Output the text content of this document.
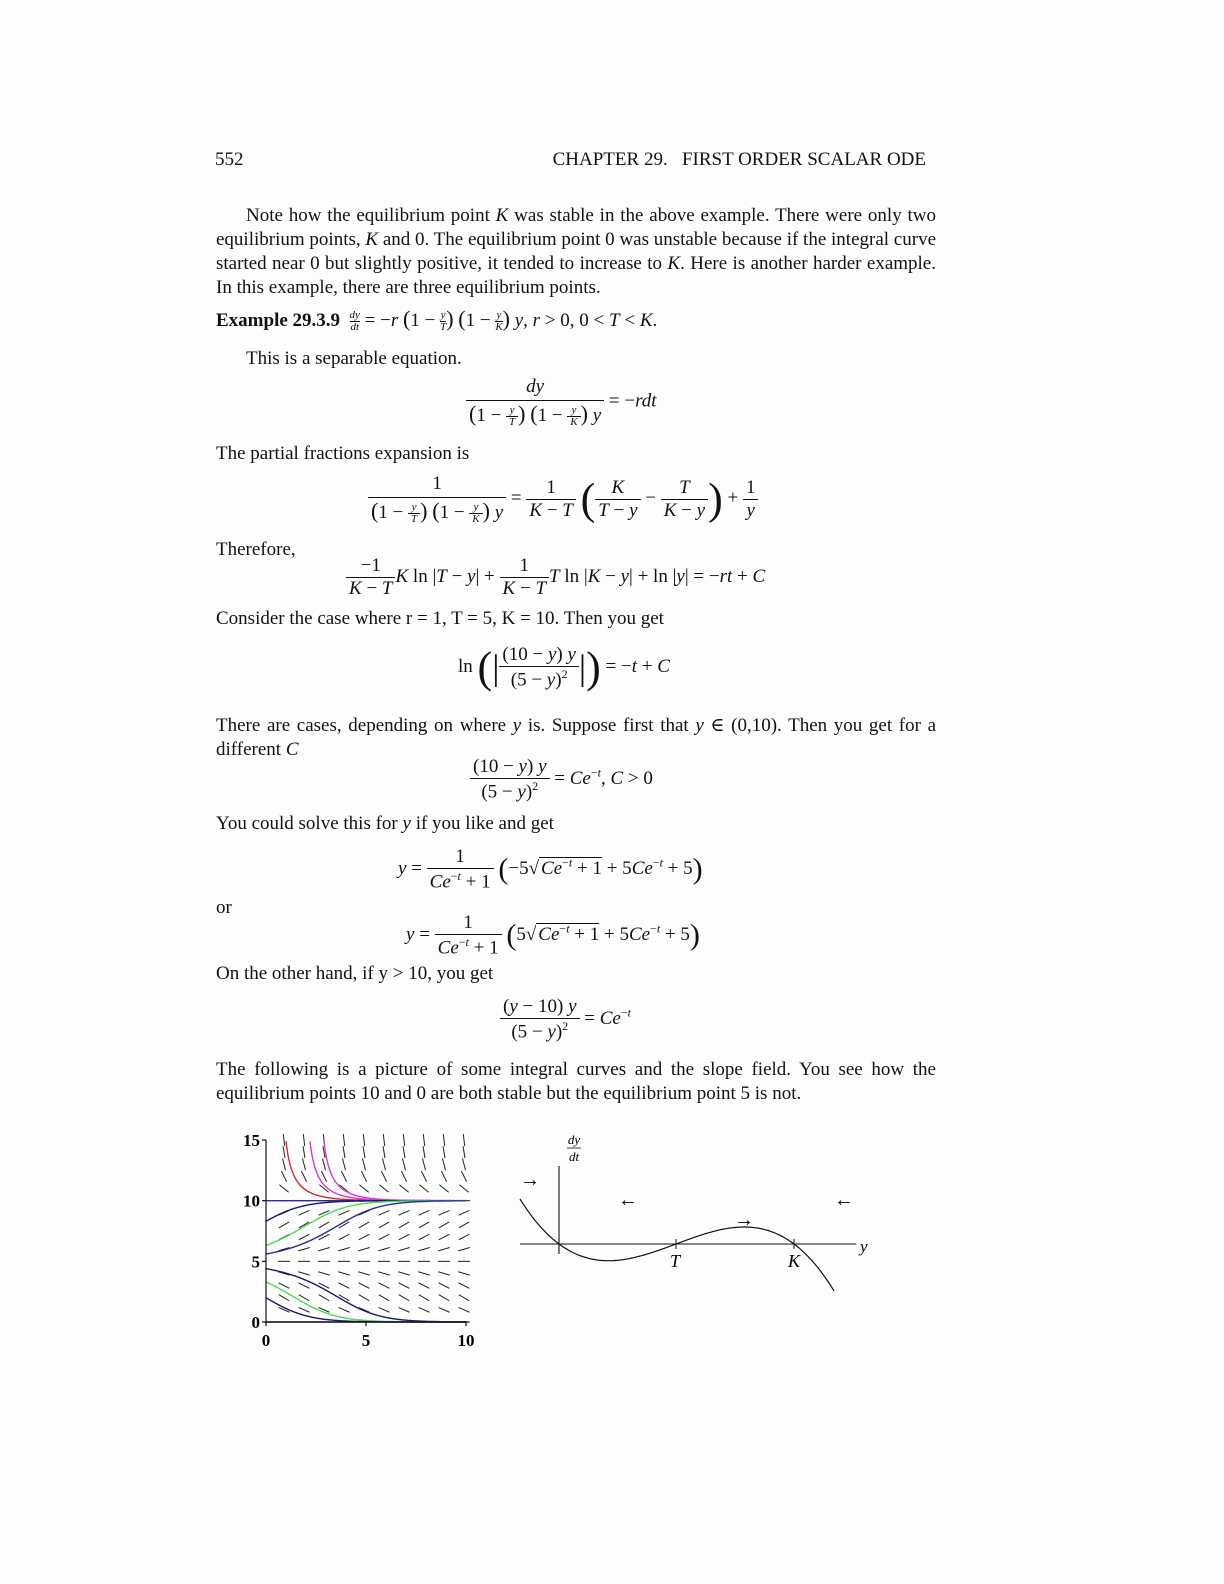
552	CHAPTER 29.   FIRST ORDER SCALAR ODE
Note how the equilibrium point K was stable in the above example. There were only two equilibrium points, K and 0. The equilibrium point 0 was unstable because if the integral curve started near 0 but slightly positive, it tended to increase to K. Here is another harder example. In this example, there are three equilibrium points.
Example $29.3.9 \frac{dy}{dt} = -r$ ($1 - \frac{y}{T}$ ) ($1 - \frac{y}{K}$ ) y, r > 0, 0 < T < K.
This is a separable equation.
$\frac{dy}{(1 - \frac{y}{T} ) (1 - \frac{y}{K} ) y} = -rdt$
The partial fractions expansion is
$\frac{1}{(1 - \frac{y}{T} ) (1 - \frac{y}{K} ) y} = \frac{1}{K - T}$ ( $\frac{K}{T - y} - \frac{T}{K - y}$ ) + $\frac{1}{y}$
Therefore,
$\frac{-1}{K - T}$ K $\ln |T - y| + \frac{1}{K - T}$ T ln |K − y| + ln |y| = −rt + C
Consider the case where r = 1, T = 5, K = 10. Then you get
ln (| $\frac{(10 - y) y}{(5 - y)^2}$ |) = −t + C
There are cases, depending on where y is. Suppose first that y ∈ (0,10). Then you get for a different C
$\frac{(10 - y) y}{(5 - y)^2} = Ce^{-t}$, C > 0
You could solve this for y if you like and get
$y = \frac{1}{Ce^{-t} + 1} (-5√$ $Ce^{-t} + 1 + 5Ce^{-t} + 5$)
or
$y = \frac{1}{Ce^{-t} + 1} (5√$ $Ce^{-t} + 1 + 5Ce^{-t} + 5$)
On the other hand, if y > 10, you get
$\frac{(y - 10) y}{(5 - y)^2} = Ce^{-t}$
The following is a picture of some integral curves and the slope field. You see how the equilibrium points 10 and 0 are both stable but the equilibrium point 5 is not.
15
10
5
0
0	5	10
dy
dt
y
T	K
→
←
→
←
